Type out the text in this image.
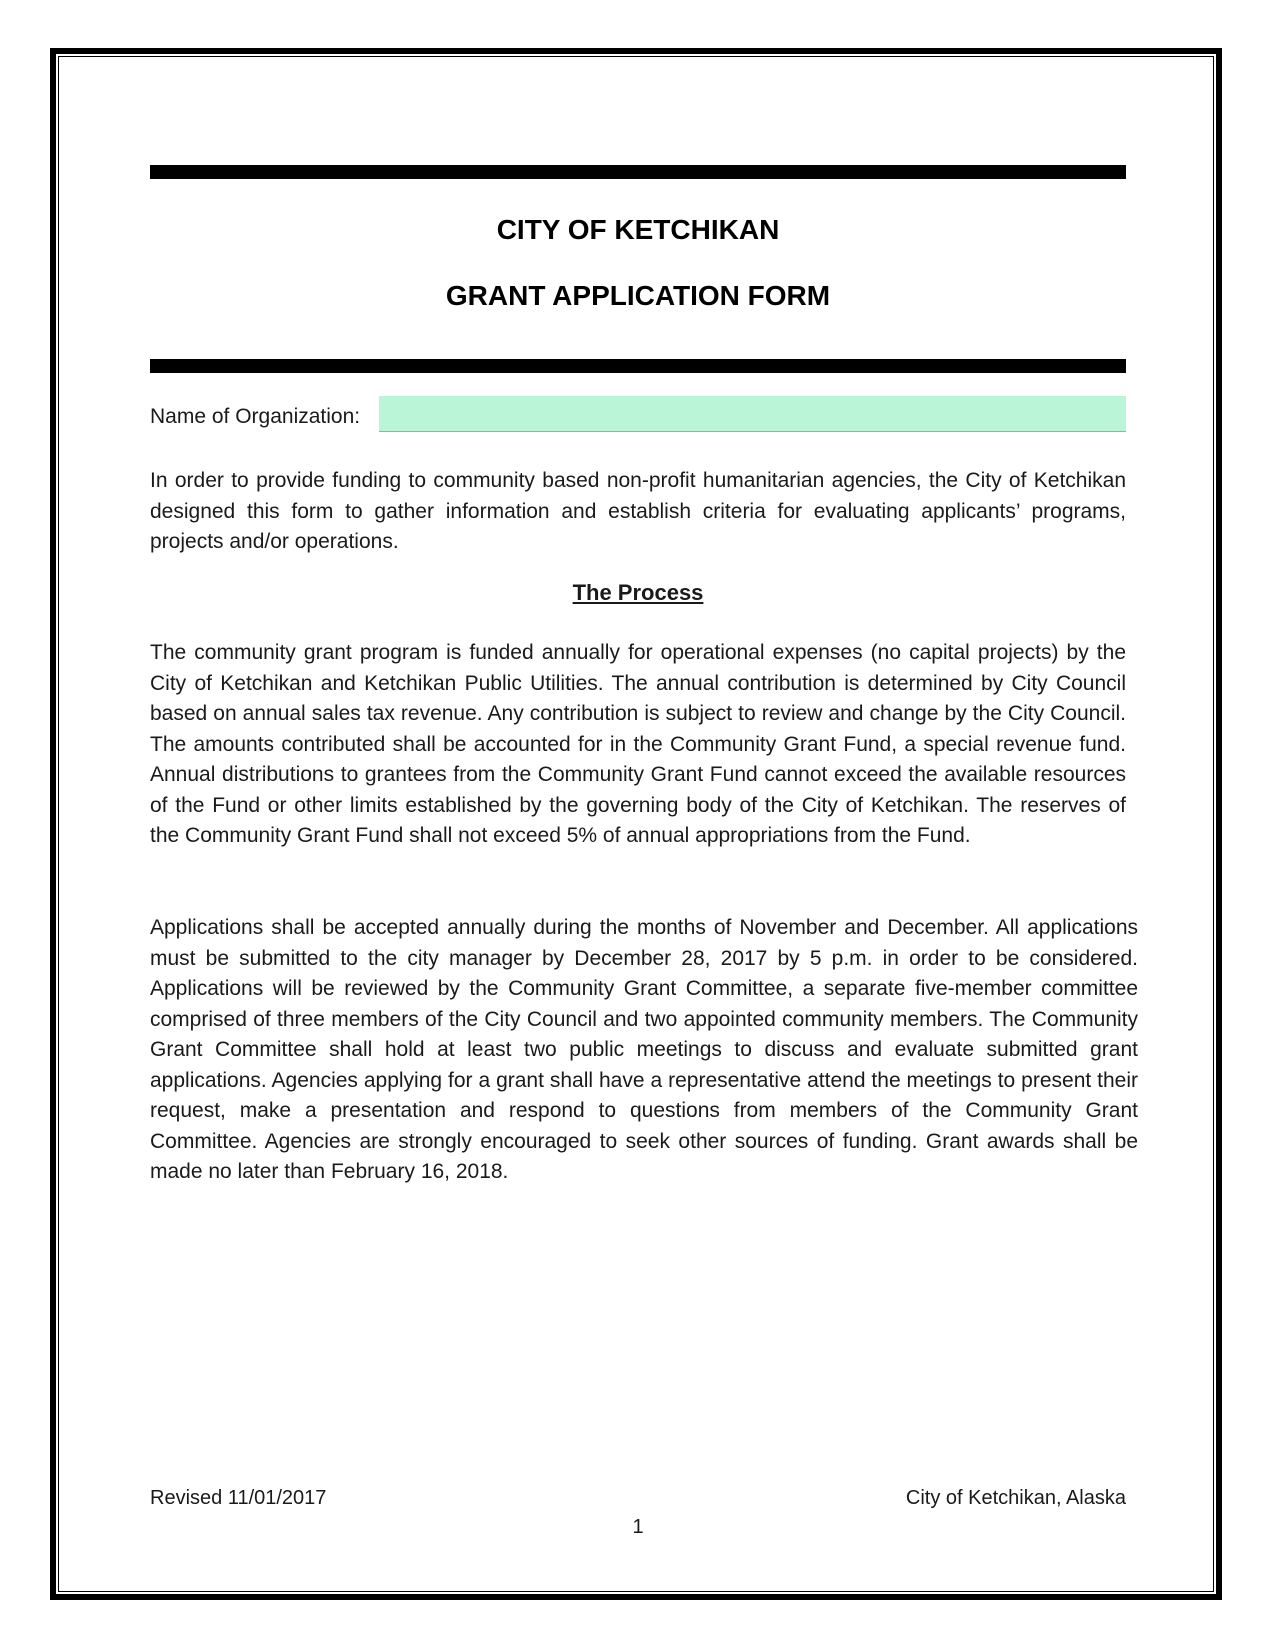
CITY OF KETCHIKAN
GRANT APPLICATION FORM
Name of Organization:

In order to provide funding to community based non-profit humanitarian agencies, the City of Ketchikan designed this form to gather information and establish criteria for evaluating applicants’ programs, projects and/or operations.

The Process

The community grant program is funded annually for operational expenses (no capital projects) by the City of Ketchikan and Ketchikan Public Utilities. The annual contribution is determined by City Council based on annual sales tax revenue. Any contribution is subject to review and change by the City Council. The amounts contributed shall be accounted for in the Community Grant Fund, a special revenue fund. Annual distributions to grantees from the Community Grant Fund cannot exceed the available resources of the Fund or other limits established by the governing body of the City of Ketchikan. The reserves of the Community Grant Fund shall not exceed 5% of annual appropriations from the Fund.

Applications shall be accepted annually during the months of November and December. All applications must be submitted to the city manager by December 28, 2017 by 5 p.m. in order to be considered. Applications will be reviewed by the Community Grant Committee, a separate five-member committee comprised of three members of the City Council and two appointed community members. The Community Grant Committee shall hold at least two public meetings to discuss and evaluate submitted grant applications. Agencies applying for a grant shall have a representative attend the meetings to present their request, make a presentation and respond to questions from members of the Community Grant Committee. Agencies are strongly encouraged to seek other sources of funding. Grant awards shall be made no later than February 16, 2018.

Revised 11/01/2017	City of Ketchikan, Alaska
1
